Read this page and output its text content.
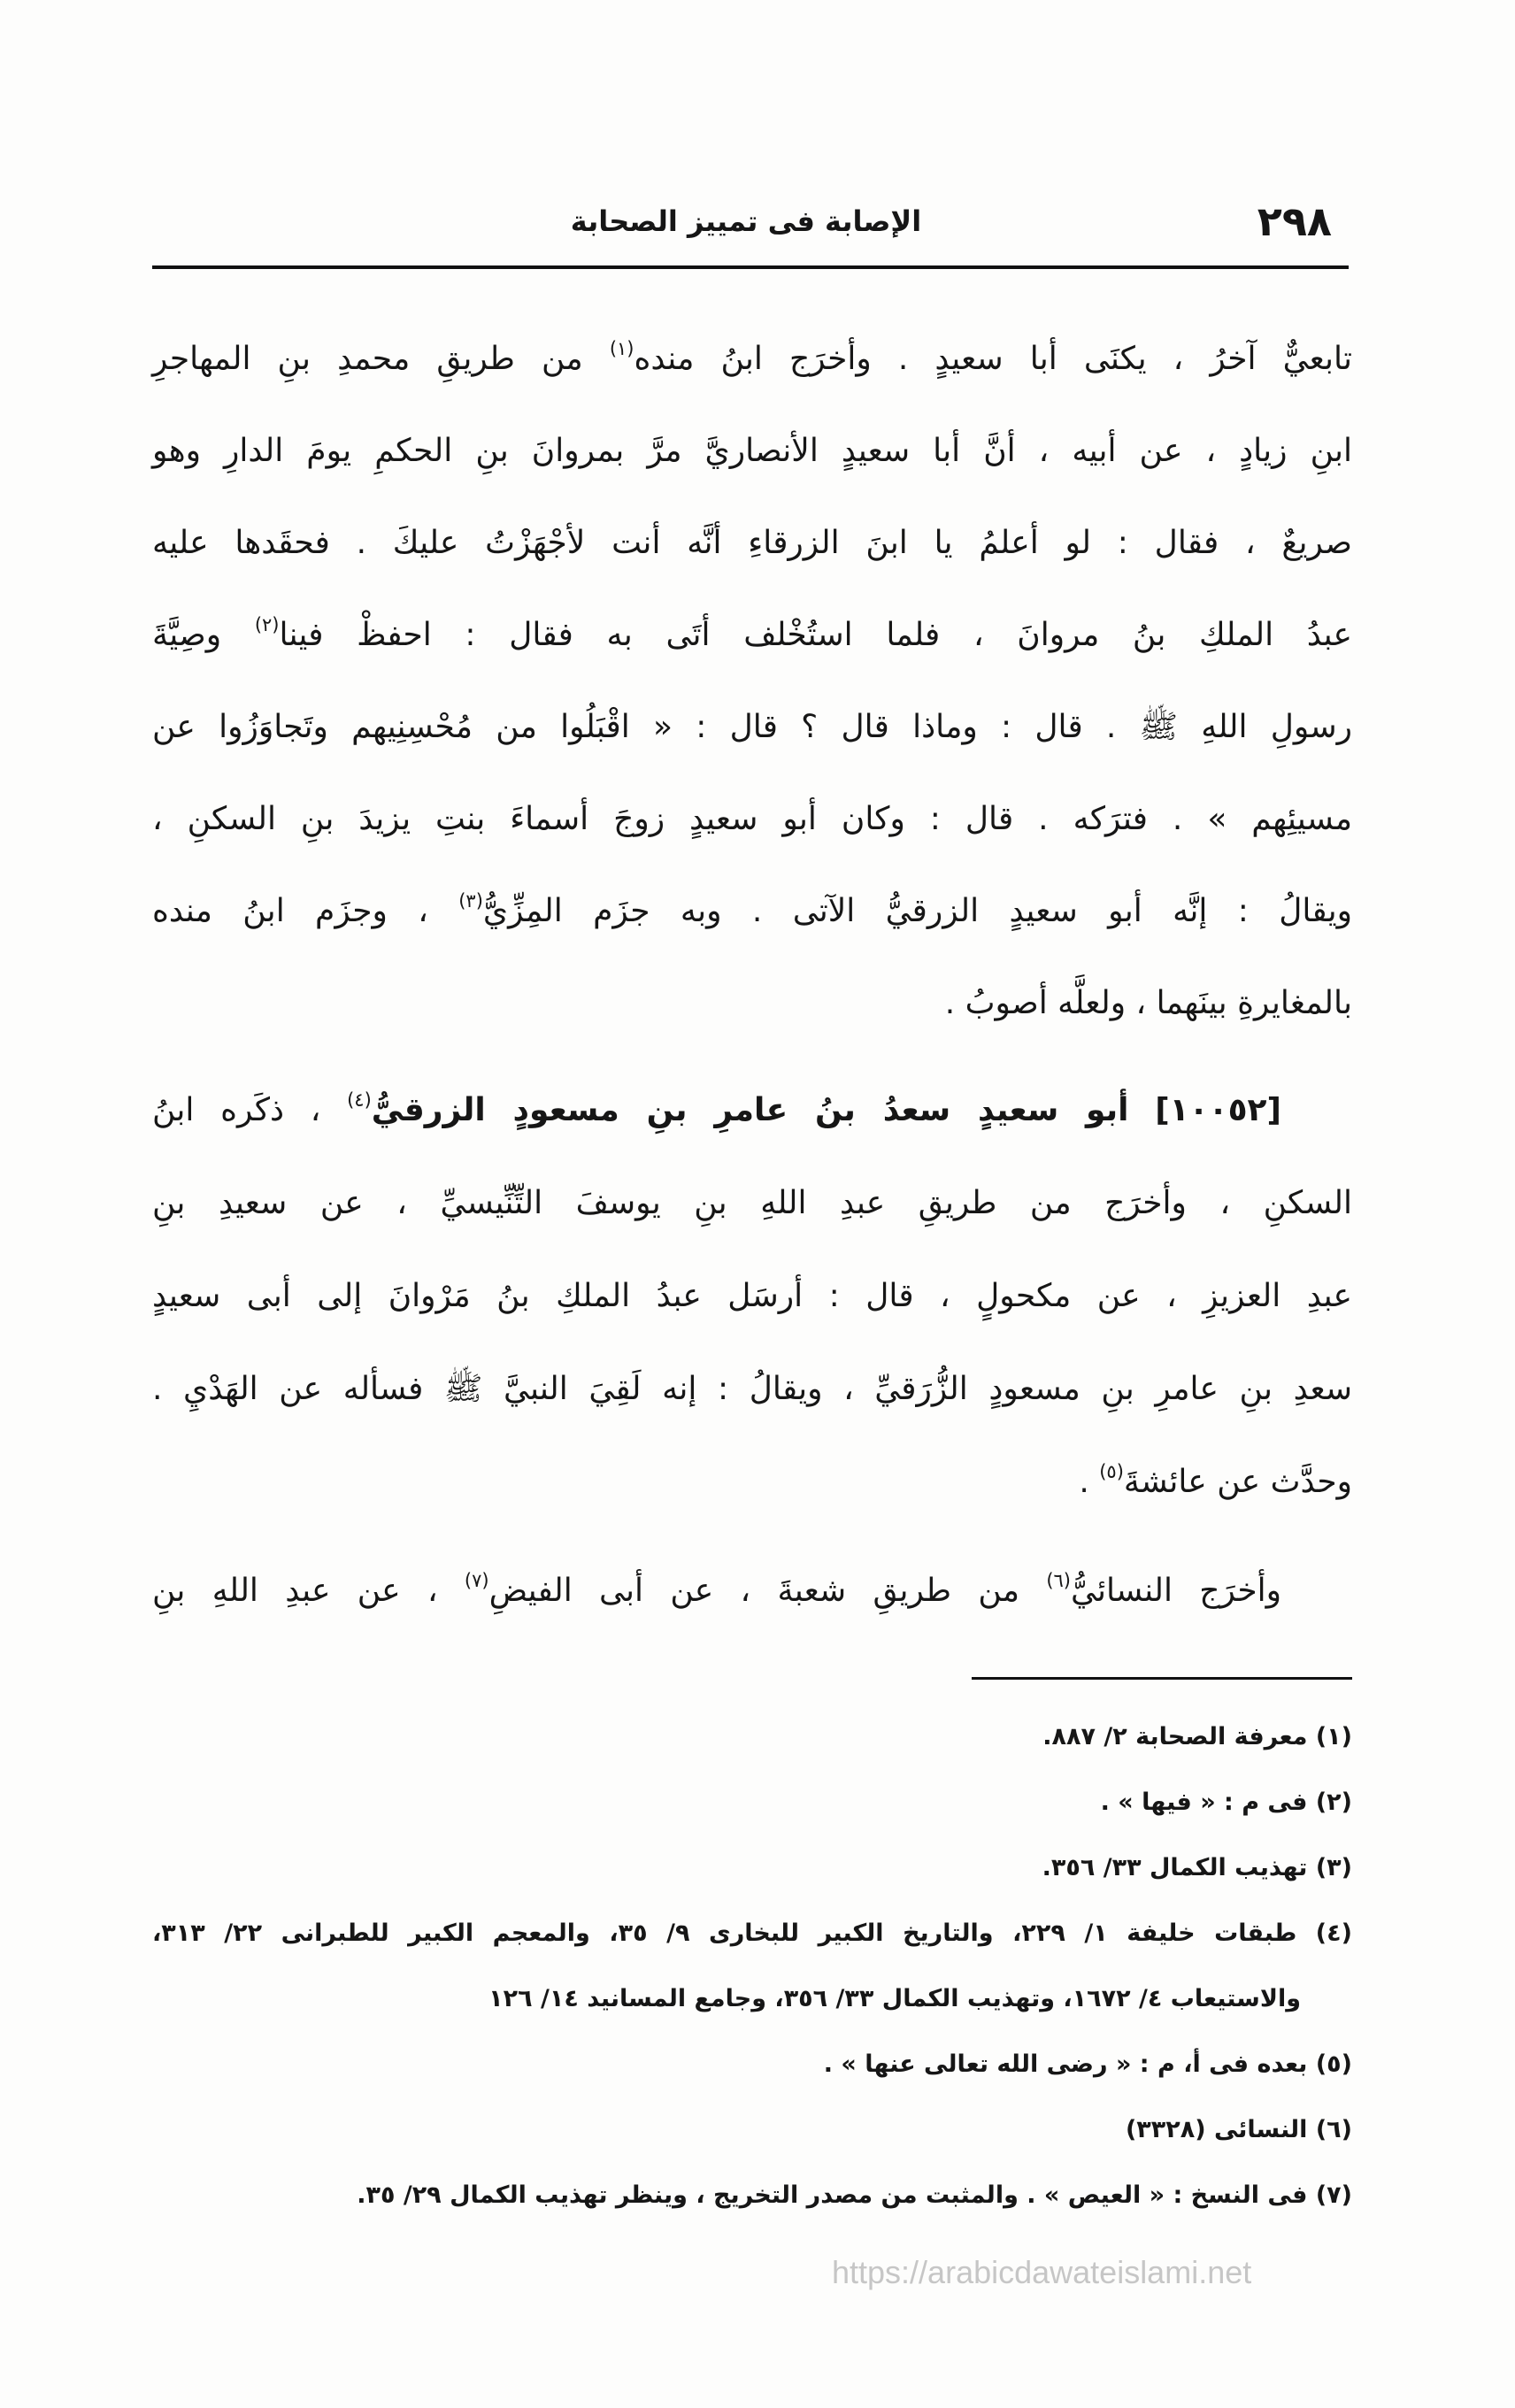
٢٩٨
الإصابة فى تمييز الصحابة
تابعيٌّ آخرُ ، يكنَى أبا سعيدٍ . وأخرَج ابنُ منده$^{(١)}$ من طريقِ محمدِ بنِ المهاجرِ
ابنِ زيادٍ ، عن أبيه ، أنَّ أبا سعيدٍ الأنصاريَّ مرَّ بمروانَ بنِ الحكمِ يومَ الدارِ وهو
صريعٌ ، فقال : لو أعلمُ يا ابنَ الزرقاءِ أنَّه أنت لأجْهَزْتُ عليكَ . فحقَدها عليه
عبدُ الملكِ بنُ مروانَ ، فلما استُخْلف أتَى به فقال : احفظْ فينا$^{(٢)}$ وصِيَّةَ
رسولِ اللهِ ﷺ . قال : وماذا قال ؟ قال : « اقْبَلُوا من مُحْسِنِيهم وتَجاوَزُوا عن
مسيئِهم » . فترَكه . قال : وكان أبو سعيدٍ زوجَ أسماءَ بنتِ يزيدَ بنِ السكنِ ،
ويقالُ : إنَّه أبو سعيدٍ الزرقيُّ الآتى . وبه جزَم المِزِّيُّ$^{(٣)}$ ، وجزَم ابنُ منده
بالمغايرةِ بينَهما ، ولعلَّه أصوبُ .
[١٠٠٥٢] أبو سعيدٍ سعدُ بنُ عامرِ بنِ مسعودٍ الزرقيُّ$^{(٤)}$ ، ذكَره ابنُ
السكنِ ، وأخرَج من طريقِ عبدِ اللهِ بنِ يوسفَ التِّنِّيسيِّ ، عن سعيدِ بنِ
عبدِ العزيزِ ، عن مكحولٍ ، قال : أرسَل عبدُ الملكِ بنُ مَرْوانَ إلى أبى سعيدٍ
سعدِ بنِ عامرِ بنِ مسعودٍ الزُّرَقيِّ ، ويقالُ : إنه لَقِيَ النبيَّ ﷺ فسأله عن الهَدْيِ .
وحدَّث عن عائشةَ$^{(٥)}$ .
وأخرَج النسائيُّ$^{(٦)}$ من طريقِ شعبةَ ، عن أبى الفيضِ$^{(٧)}$ ، عن عبدِ اللهِ بنِ
(١) معرفة الصحابة ٢/ ٨٨٧.
(٢) فى م : « فيها » .
(٣) تهذيب الكمال ٣٣/ ٣٥٦.
(٤) طبقات خليفة ١/ ٢٢٩، والتاريخ الكبير للبخارى ٩/ ٣٥، والمعجم الكبير للطبرانى ٢٢/ ٣١٣،
والاستيعاب ٤/ ١٦٧٢، وتهذيب الكمال ٣٣/ ٣٥٦، وجامع المسانيد ١٤/ ١٢٦
(٥) بعده فى أ، م : « رضى الله تعالى عنها » .
(٦) النسائى (٣٣٢٨)
(٧) فى النسخ : « العيص » . والمثبت من مصدر التخريج ، وينظر تهذيب الكمال ٢٩/ ٣٥.
https://arabicdawateislami.net
